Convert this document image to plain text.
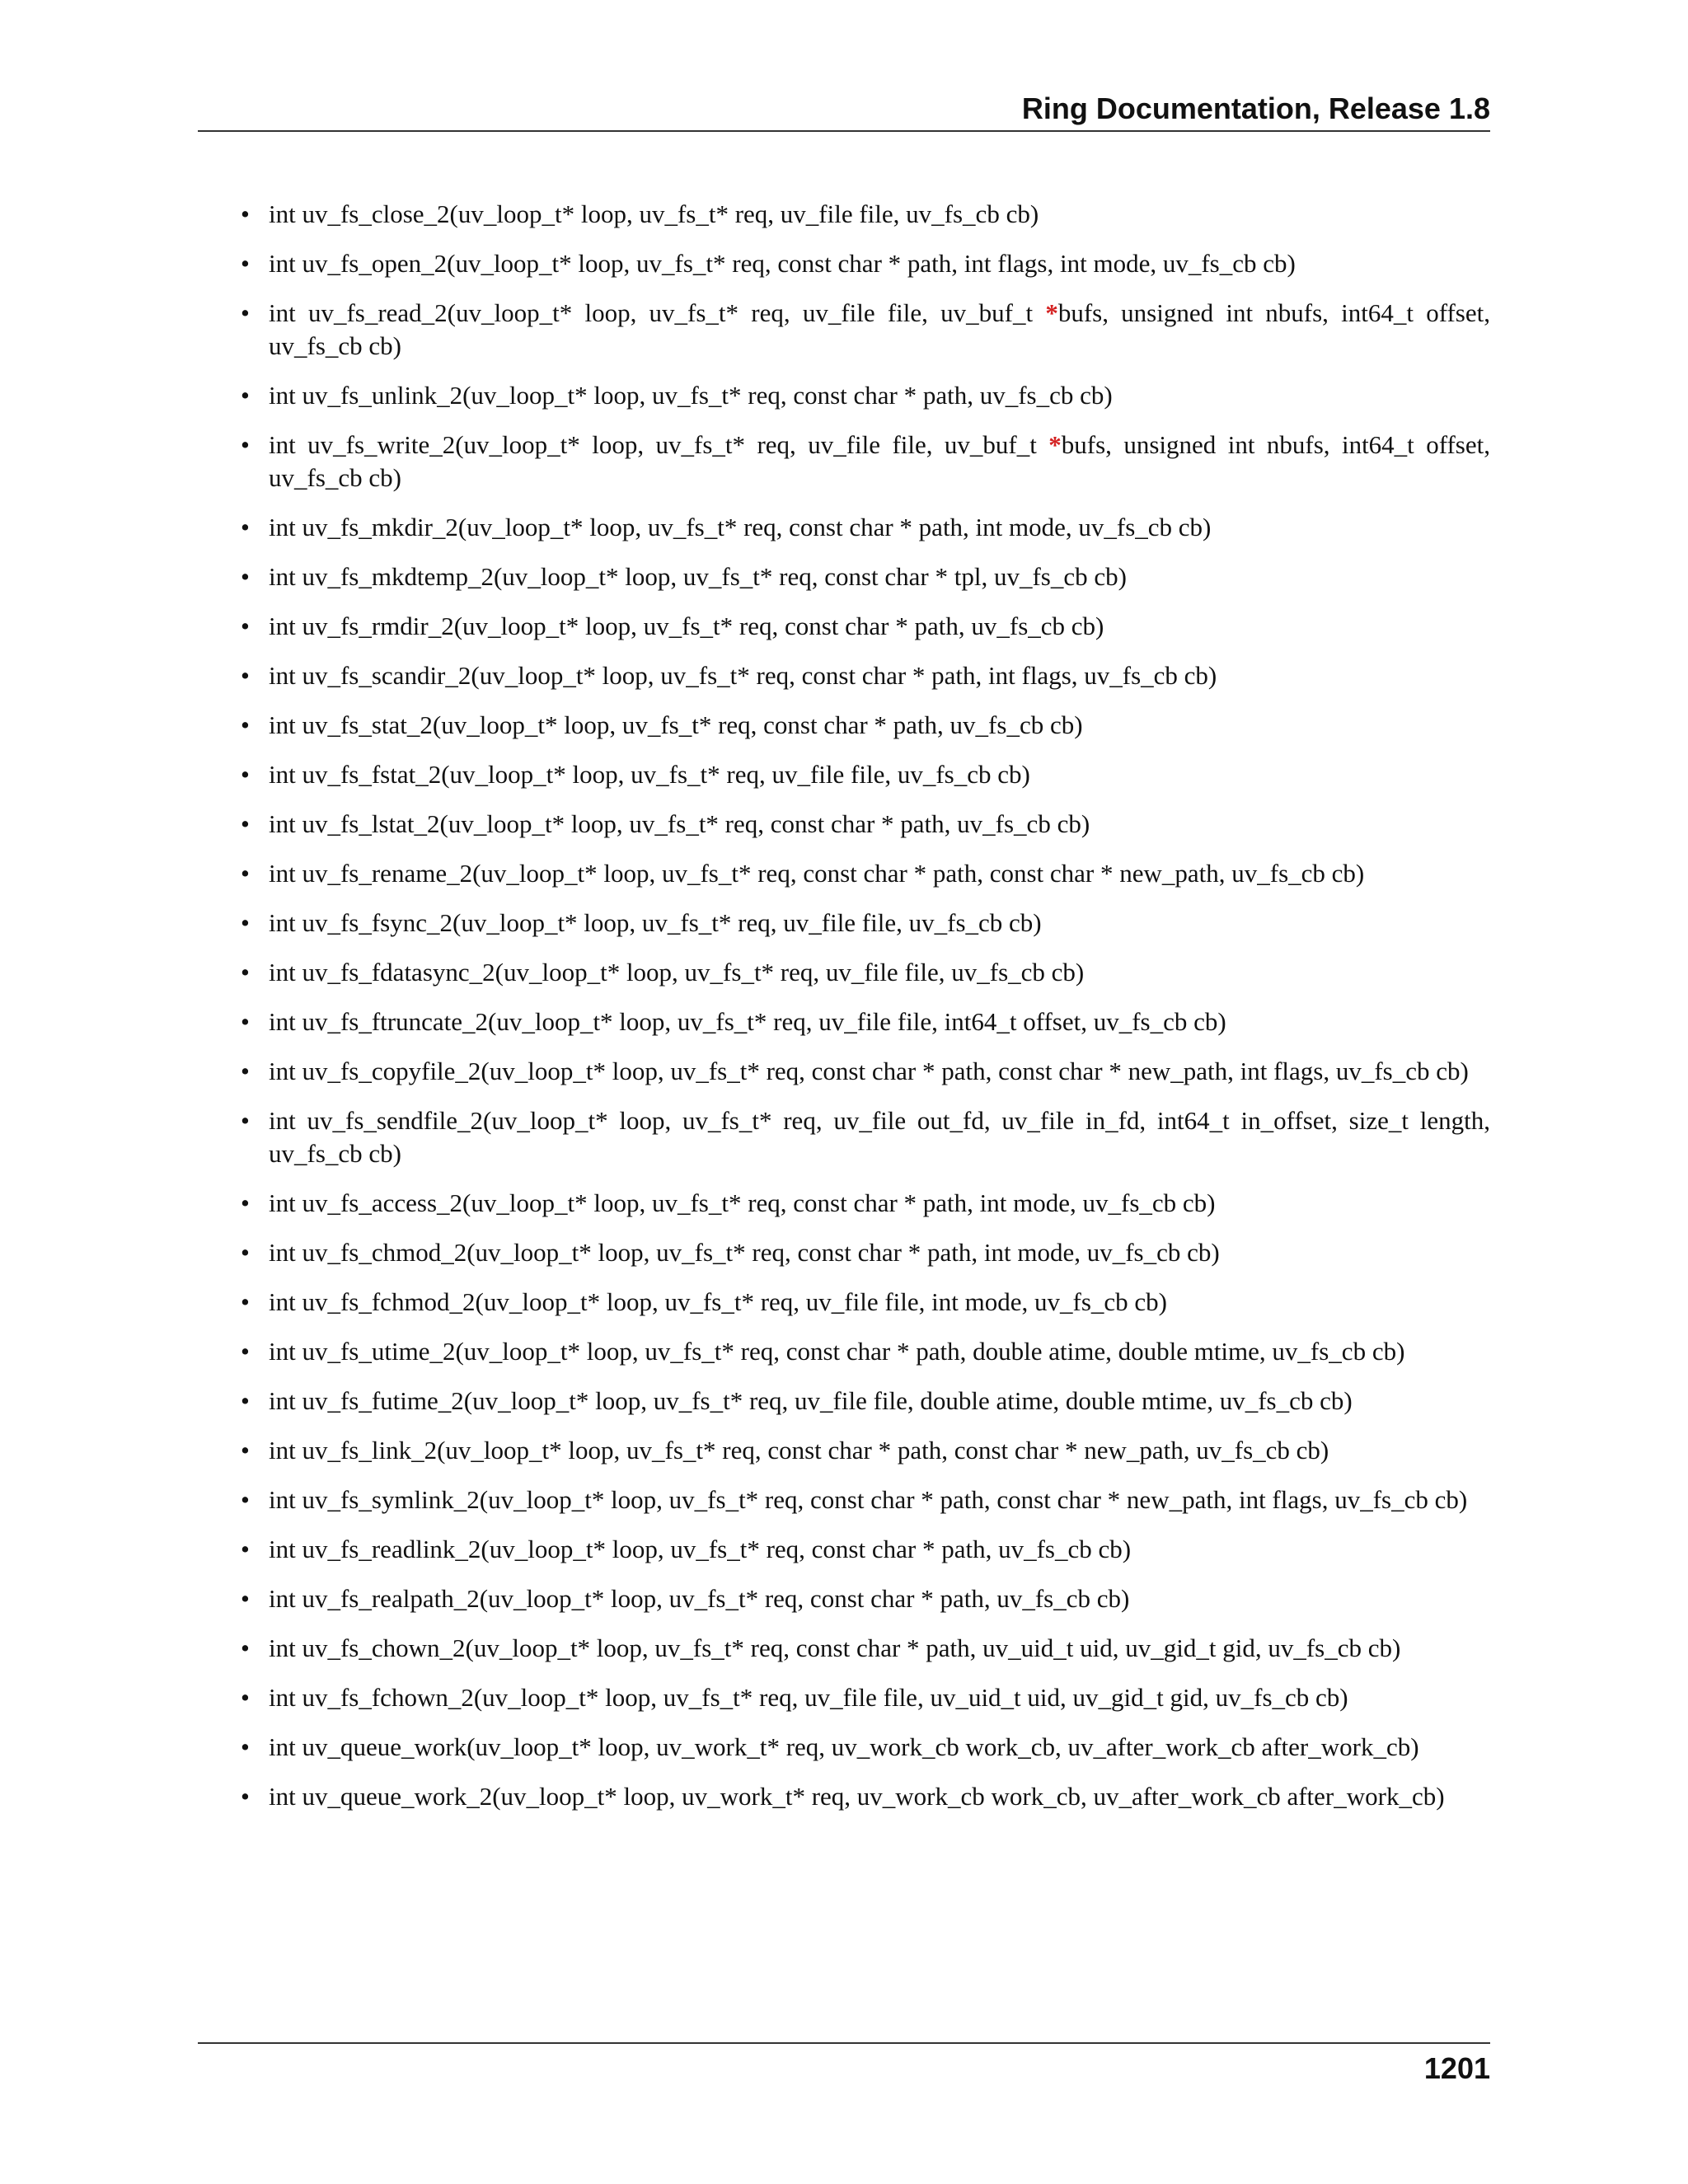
Ring Documentation, Release 1.8
• int uv_fs_close_2(uv_loop_t* loop, uv_fs_t* req, uv_file file, uv_fs_cb cb)
• int uv_fs_open_2(uv_loop_t* loop, uv_fs_t* req, const char * path, int flags, int mode, uv_fs_cb cb)
• int uv_fs_read_2(uv_loop_t* loop, uv_fs_t* req, uv_file file, uv_buf_t *bufs, unsigned int nbufs, int64_t offset, uv_fs_cb cb)
• int uv_fs_unlink_2(uv_loop_t* loop, uv_fs_t* req, const char * path, uv_fs_cb cb)
• int uv_fs_write_2(uv_loop_t* loop, uv_fs_t* req, uv_file file, uv_buf_t *bufs, unsigned int nbufs, int64_t offset, uv_fs_cb cb)
• int uv_fs_mkdir_2(uv_loop_t* loop, uv_fs_t* req, const char * path, int mode, uv_fs_cb cb)
• int uv_fs_mkdtemp_2(uv_loop_t* loop, uv_fs_t* req, const char * tpl, uv_fs_cb cb)
• int uv_fs_rmdir_2(uv_loop_t* loop, uv_fs_t* req, const char * path, uv_fs_cb cb)
• int uv_fs_scandir_2(uv_loop_t* loop, uv_fs_t* req, const char * path, int flags, uv_fs_cb cb)
• int uv_fs_stat_2(uv_loop_t* loop, uv_fs_t* req, const char * path, uv_fs_cb cb)
• int uv_fs_fstat_2(uv_loop_t* loop, uv_fs_t* req, uv_file file, uv_fs_cb cb)
• int uv_fs_lstat_2(uv_loop_t* loop, uv_fs_t* req, const char * path, uv_fs_cb cb)
• int uv_fs_rename_2(uv_loop_t* loop, uv_fs_t* req, const char * path, const char * new_path, uv_fs_cb cb)
• int uv_fs_fsync_2(uv_loop_t* loop, uv_fs_t* req, uv_file file, uv_fs_cb cb)
• int uv_fs_fdatasync_2(uv_loop_t* loop, uv_fs_t* req, uv_file file, uv_fs_cb cb)
• int uv_fs_ftruncate_2(uv_loop_t* loop, uv_fs_t* req, uv_file file, int64_t offset, uv_fs_cb cb)
• int uv_fs_copyfile_2(uv_loop_t* loop, uv_fs_t* req, const char * path, const char * new_path, int flags, uv_fs_cb cb)
• int uv_fs_sendfile_2(uv_loop_t* loop, uv_fs_t* req, uv_file out_fd, uv_file in_fd, int64_t in_offset, size_t length, uv_fs_cb cb)
• int uv_fs_access_2(uv_loop_t* loop, uv_fs_t* req, const char * path, int mode, uv_fs_cb cb)
• int uv_fs_chmod_2(uv_loop_t* loop, uv_fs_t* req, const char * path, int mode, uv_fs_cb cb)
• int uv_fs_fchmod_2(uv_loop_t* loop, uv_fs_t* req, uv_file file, int mode, uv_fs_cb cb)
• int uv_fs_utime_2(uv_loop_t* loop, uv_fs_t* req, const char * path, double atime, double mtime, uv_fs_cb cb)
• int uv_fs_futime_2(uv_loop_t* loop, uv_fs_t* req, uv_file file, double atime, double mtime, uv_fs_cb cb)
• int uv_fs_link_2(uv_loop_t* loop, uv_fs_t* req, const char * path, const char * new_path, uv_fs_cb cb)
• int uv_fs_symlink_2(uv_loop_t* loop, uv_fs_t* req, const char * path, const char * new_path, int flags, uv_fs_cb cb)
• int uv_fs_readlink_2(uv_loop_t* loop, uv_fs_t* req, const char * path, uv_fs_cb cb)
• int uv_fs_realpath_2(uv_loop_t* loop, uv_fs_t* req, const char * path, uv_fs_cb cb)
• int uv_fs_chown_2(uv_loop_t* loop, uv_fs_t* req, const char * path, uv_uid_t uid, uv_gid_t gid, uv_fs_cb cb)
• int uv_fs_fchown_2(uv_loop_t* loop, uv_fs_t* req, uv_file file, uv_uid_t uid, uv_gid_t gid, uv_fs_cb cb)
• int uv_queue_work(uv_loop_t* loop, uv_work_t* req, uv_work_cb work_cb, uv_after_work_cb after_work_cb)
• int uv_queue_work_2(uv_loop_t* loop, uv_work_t* req, uv_work_cb work_cb, uv_after_work_cb after_work_cb)
1201
